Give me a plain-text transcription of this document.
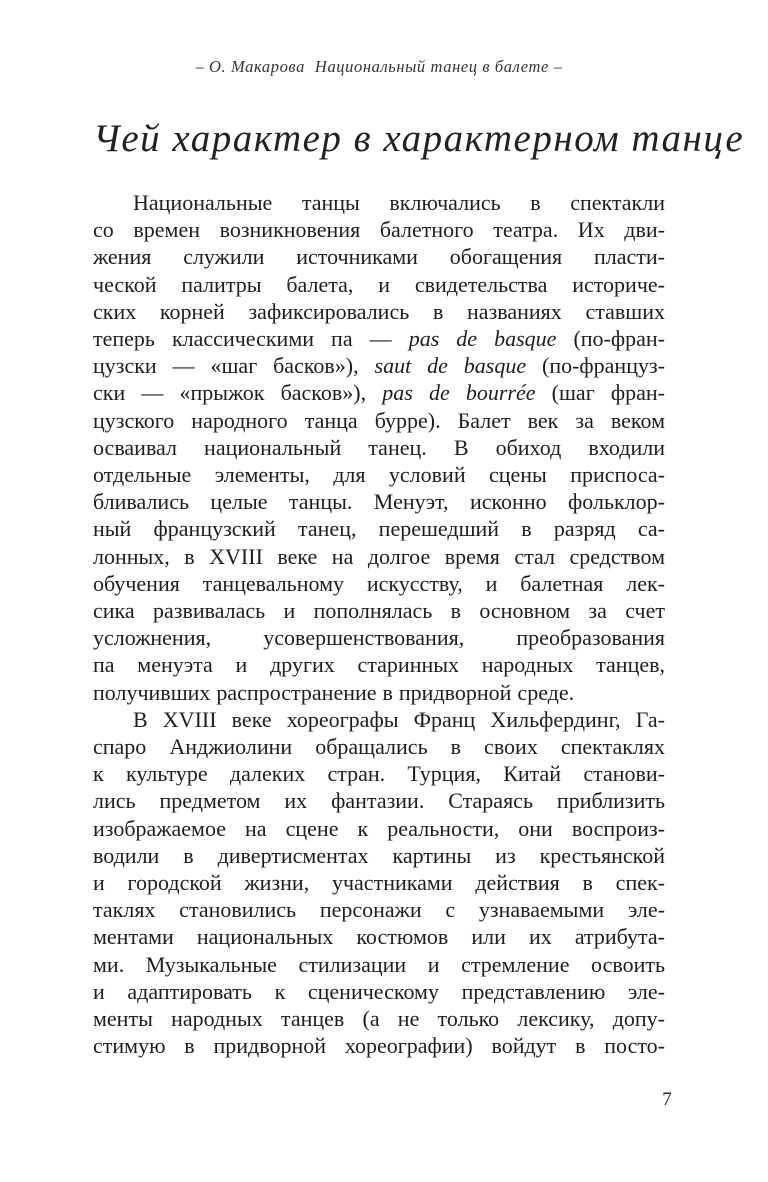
– О. Макарова Национальный танец в балете –
Чей характер в характерном танце
Национальные танцы включались в спектакли
со времен возникновения балетного театра. Их дви-
жения служили источниками обогащения пласти-
ческой палитры балета, и свидетельства историче-
ских корней зафиксировались в названиях ставших
теперь классическими па — pas de basque (по-фран-
цузски — «шаг басков»), saut de basque (по-француз-
ски — «прыжок басков»), pas de bourrée (шаг фран-
цузского народного танца бурре). Балет век за веком
осваивал национальный танец. В обиход входили
отдельные элементы, для условий сцены приспоса-
бливались целые танцы. Менуэт, исконно фольклор-
ный французский танец, перешедший в разряд са-
лонных, в XVIII веке на долгое время стал средством
обучения танцевальному искусству, и балетная лек-
сика развивалась и пополнялась в основном за счет
усложнения, усовершенствования, преобразования
па менуэта и других старинных народных танцев,
получивших распространение в придворной среде.
В XVIII веке хореографы Франц Хильфердинг, Га-
спаро Анджиолини обращались в своих спектаклях
к культуре далеких стран. Турция, Китай станови-
лись предметом их фантазии. Стараясь приблизить
изображаемое на сцене к реальности, они воспроиз-
водили в дивертисментах картины из крестьянской
и городской жизни, участниками действия в спек-
таклях становились персонажи с узнаваемыми эле-
ментами национальных костюмов или их атрибута-
ми. Музыкальные стилизации и стремление освоить
и адаптировать к сценическому представлению эле-
менты народных танцев (а не только лексику, допу-
стимую в придворной хореографии) войдут в посто-
7
